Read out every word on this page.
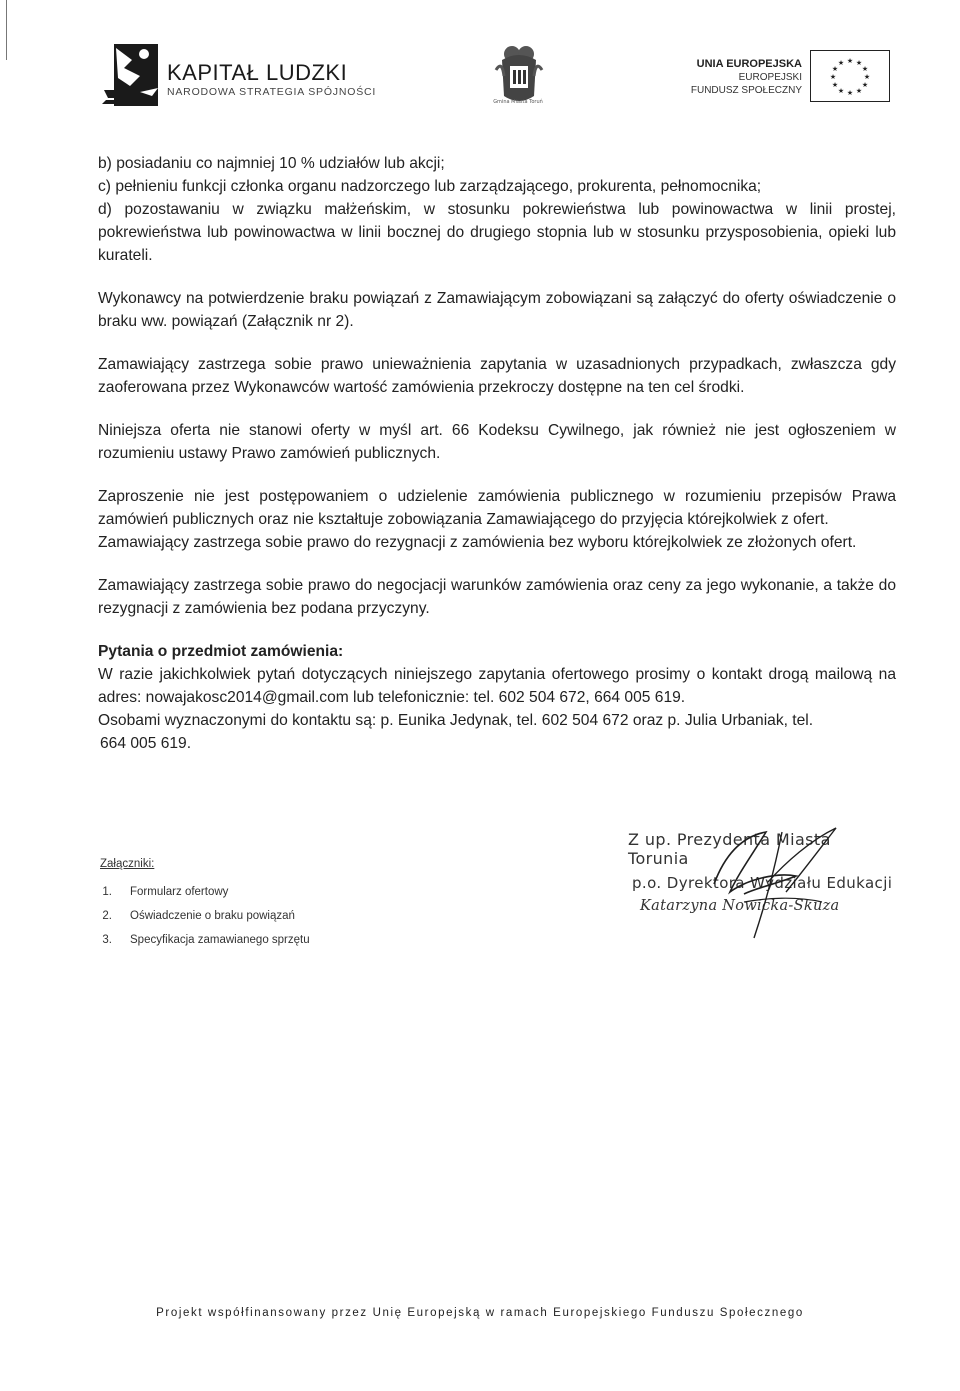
KAPITAŁ LUDZKI
NARODOWA STRATEGIA SPÓJNOŚCI
Gmina Miasta Toruń
UNIA EUROPEJSKA
EUROPEJSKI
FUNDUSZ SPOŁECZNY
★ ★
★
★
★
★
★
★
★
★
★
★

b) posiadaniu co najmniej 10 % udziałów lub akcji;

c) pełnieniu funkcji członka organu nadzorczego lub zarządzającego, prokurenta, pełnomocnika;

d) pozostawaniu w związku małżeńskim, w stosunku pokrewieństwa lub powinowactwa w linii prostej, pokrewieństwa lub powinowactwa w linii bocznej do drugiego stopnia lub w stosunku przysposobienia, opieki lub kurateli.

Wykonawcy na potwierdzenie braku powiązań z Zamawiającym zobowiązani są załączyć do oferty oświadczenie o braku ww. powiązań (Załącznik nr 2).

Zamawiający zastrzega sobie prawo unieważnienia zapytania w uzasadnionych przypadkach, zwłaszcza gdy zaoferowana przez Wykonawców wartość zamówienia przekroczy dostępne na ten cel środki.

Niniejsza oferta nie stanowi oferty w myśl art. 66 Kodeksu Cywilnego, jak również nie jest ogłoszeniem w rozumieniu ustawy Prawo zamówień publicznych.

Zaproszenie nie jest postępowaniem o udzielenie zamówienia publicznego w rozumieniu przepisów Prawa zamówień publicznych oraz nie kształtuje zobowiązania Zamawiającego do przyjęcia którejkolwiek z ofert.

Zamawiający zastrzega sobie prawo do rezygnacji z zamówienia bez wyboru którejkolwiek ze złożonych ofert.

Zamawiający zastrzega sobie prawo do negocjacji warunków zamówienia oraz ceny za jego wykonanie, a także do rezygnacji z zamówienia bez podana przyczyny.

Pytania o przedmiot zamówienia:

W razie jakichkolwiek pytań dotyczących niniejszego zapytania ofertowego prosimy o kontakt drogą mailową na adres: nowajakosc2014@gmail.com lub telefonicznie: tel. 602 504 672, 664 005 619.

Osobami wyznaczonymi do kontaktu są: p. Eunika Jedynak, tel. 602 504 672 oraz p. Julia Urbaniak, tel.

664 005 619.

Załączniki:
1.	Formularz ofertowy
2.	Oświadczenie o braku powiązań
3.	Specyfikacja zamawianego sprzętu
Z up. Prezydenta Miasta Torunia
p.o. Dyrektora Wydziału Edukacji
Katarzyna Nowicka-Skuza
Projekt współfinansowany przez Unię Europejską w ramach Europejskiego Funduszu Społecznego
